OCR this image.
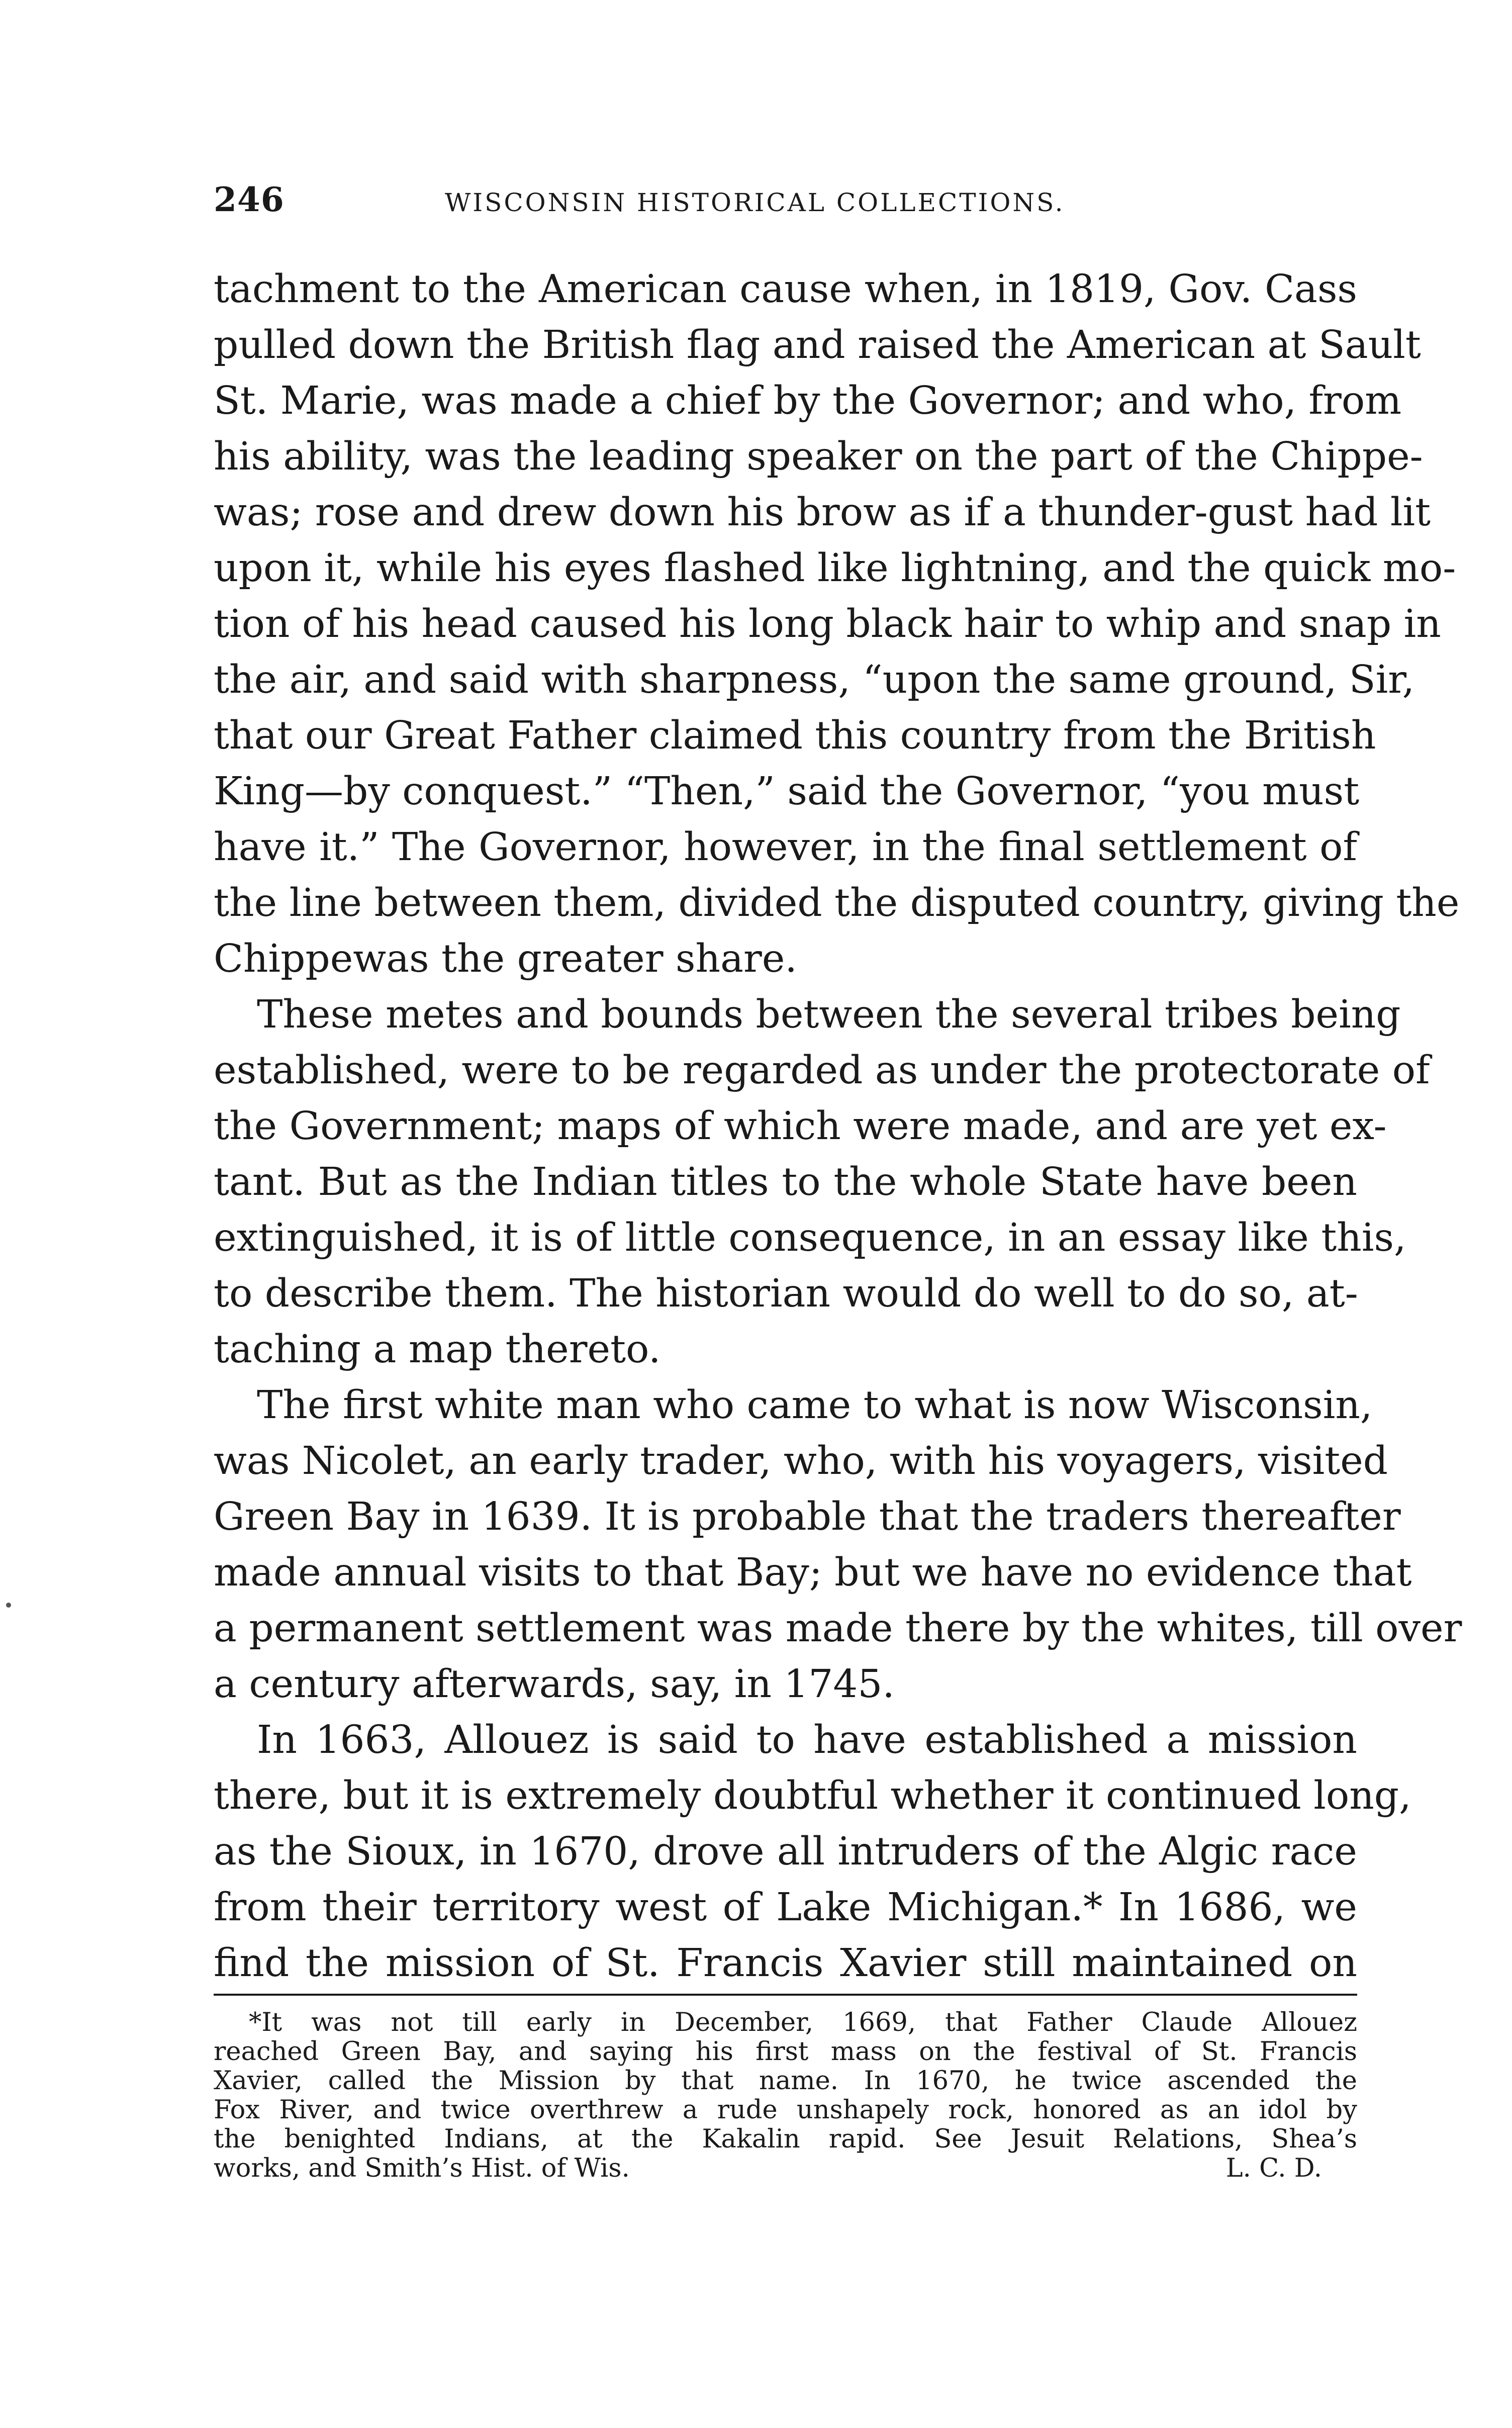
246	WISCONSIN HISTORICAL COLLECTIONS.
tachment to the American cause when, in 1819, Gov. Cass
pulled down the British flag and raised the American at Sault
St. Marie, was made a chief by the Governor; and who, from
his ability, was the leading speaker on the part of the Chippe-
was; rose and drew down his brow as if a thunder-gust had lit
upon it, while his eyes flashed like lightning, and the quick mo-
tion of his head caused his long black hair to whip and snap in
the air, and said with sharpness, “upon the same ground, Sir,
that our Great Father claimed this country from the British
King—by conquest.” “Then,” said the Governor, “you must
have it.” The Governor, however, in the final settlement of
the line between them, divided the disputed country, giving the
Chippewas the greater share.
These metes and bounds between the several tribes being
established, were to be regarded as under the protectorate of
the Government; maps of which were made, and are yet ex-
tant. But as the Indian titles to the whole State have been
extinguished, it is of little consequence, in an essay like this,
to describe them. The historian would do well to do so, at-
taching a map thereto.
The first white man who came to what is now Wisconsin,
was Nicolet, an early trader, who, with his voyagers, visited
Green Bay in 1639. It is probable that the traders thereafter
made annual visits to that Bay; but we have no evidence that
a permanent settlement was made there by the whites, till over
a century afterwards, say, in 1745.
In 1663, Allouez is said to have established a mission
there, but it is extremely doubtful whether it continued long,
as the Sioux, in 1670, drove all intruders of the Algic race
from their territory west of Lake Michigan.* In 1686, we
find the mission of St. Francis Xavier still maintained on
*It was not till early in December, 1669, that Father Claude Allouez
reached Green Bay, and saying his first mass on the festival of St. Francis
Xavier, called the Mission by that name. In 1670, he twice ascended the
Fox River, and twice overthrew a rude unshapely rock, honored as an idol by
the benighted Indians, at the Kakalin rapid. See Jesuit Relations, Shea’s
works, and Smith’s Hist. of Wis.	L. C. D.
